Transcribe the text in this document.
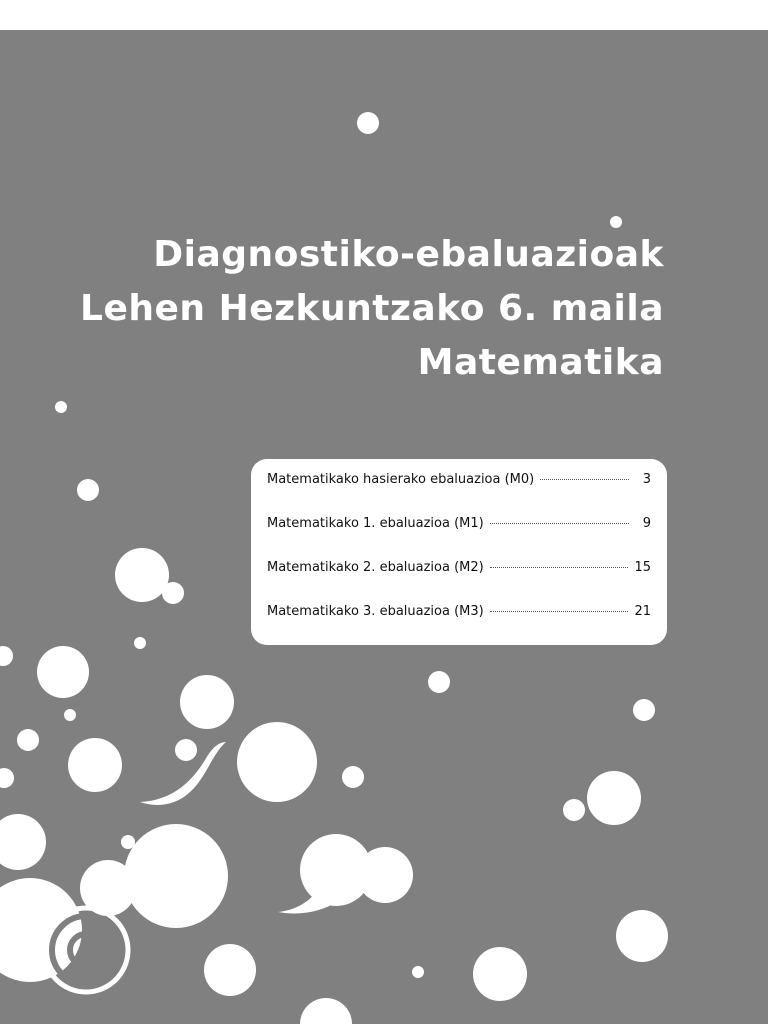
Diagnostiko-ebaluazioak
Lehen Hezkuntzako 6. maila
Matematika
Matematikako hasierako ebaluazioa (M0)	3
Matematikako 1. ebaluazioa (M1)	9
Matematikako 2. ebaluazioa (M2)	15
Matematikako 3. ebaluazioa (M3)	21
